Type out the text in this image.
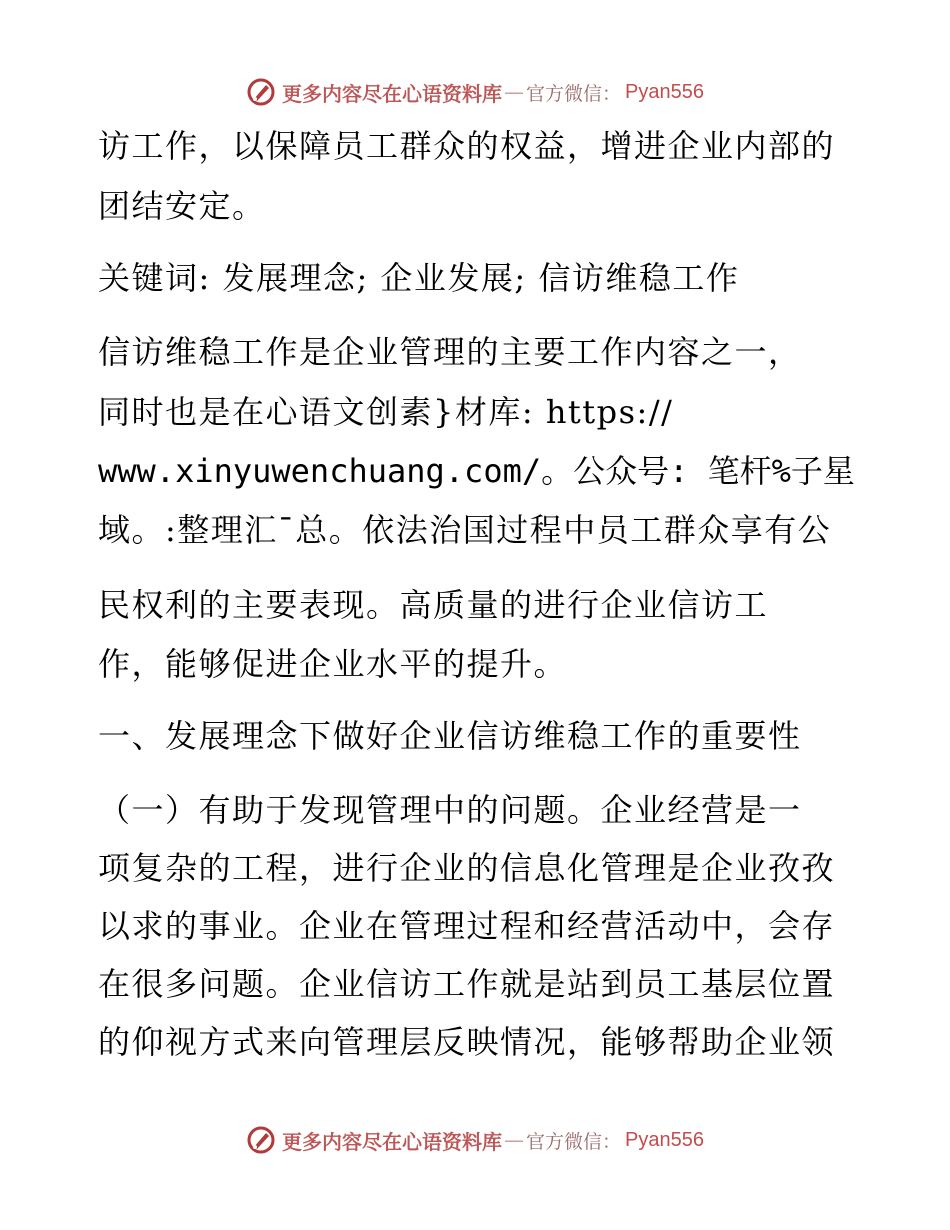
更多内容尽在心语资料库 — 官方微信： Pyan556
访工作，以保障员工群众的权益，增进企业内部的
团结安定。
关键词: 发展理念; 企业发展; 信访维稳工作
信访维稳工作是企业管理的主要工作内容之一，
同时也是在心语文创素}材库: https://
www.xinyuwenchuang.com/。公众号: 笔杆%子星
域。:整理汇¯总。依法治国过程中员工群众享有公
民权利的主要表现。高质量的进行企业信访工
作，能够促进企业水平的提升。
一、发展理念下做好企业信访维稳工作的重要性
（一）有助于发现管理中的问题。企业经营是一
项复杂的工程，进行企业的信息化管理是企业孜孜
以求的事业。企业在管理过程和经营活动中，会存
在很多问题。企业信访工作就是站到员工基层位置
的仰视方式来向管理层反映情况，能够帮助企业领
更多内容尽在心语资料库 — 官方微信： Pyan556
